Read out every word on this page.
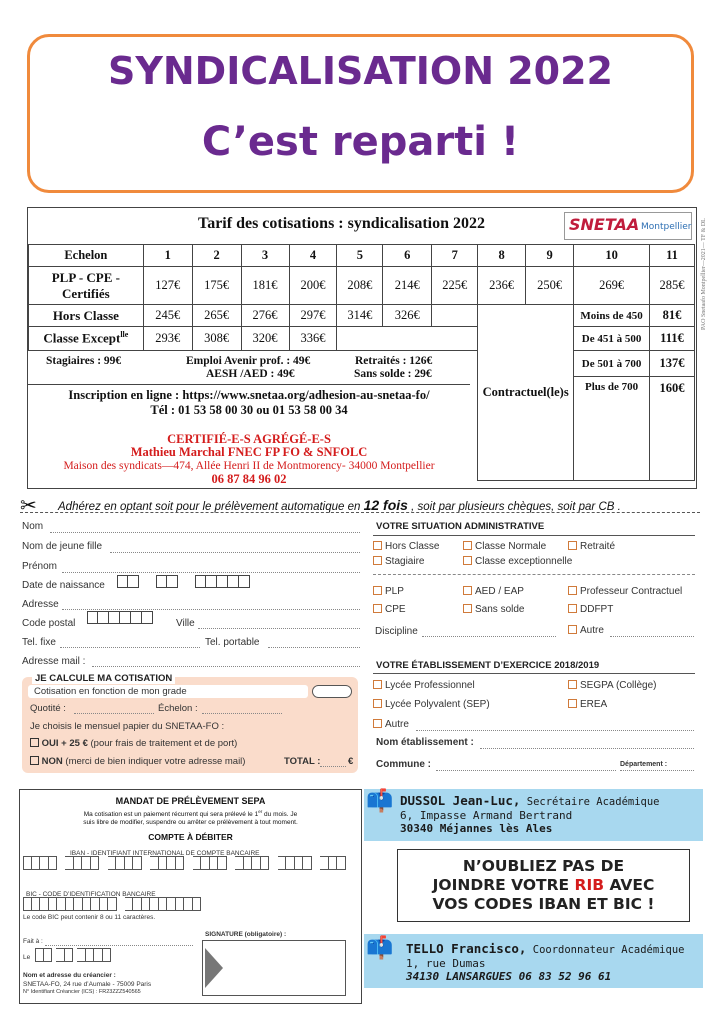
SYNDICALISATION 2022
C’est reparti !
Tarif des cotisations : syndicalisation 2022	SNETAA Montpellier
Echelon	1	2	3	4	5	6	7	8	9	10	11
PLP - CPE - Certifiés	127€	175€	181€	200€	208€	214€	225€	236€	250€	269€	285€
Hors Classe	245€	265€	276€	297€	314€	326€		Contractuel(le)s		Moins de 450	81€
Classe Except$^{lle}$	293€	308€	320€	336€						De 451 à 500	111€
										De 501 à 700	137€
										Plus de 700	160€
Stagiaires : 99€	Emploi Avenir prof. : 49€
AESH /AED : 49€
Retraités : 126€
Sans solde : 29€
Inscription en ligne : https://www.snetaa.org/adhesion-au-snetaa-fo/
Tél : 01 53 58 00 30 ou 01 53 58 00 34
CERTIFIÉ-E-S AGRÉGÉ-E-S
Mathieu Marchal FNEC FP FO & SNFOLC
Maison des syndicats—474, Allée Henri II de Montmorency- 34000 Montpellier
06 87 84 96 02
PAO Snetaafo Montpellier—2021— TF & DL
✂ Adhérez en optant soit pour le prélèvement automatique en 12 fois , soit par plusieurs chèques, soit par CB .
Nom
Nom de jeune fille
Prénom
Date de naissance
Adresse
Code postal	Ville
Tel. fixe	Tel. portable
Adresse mail :
JE CALCULE MA COTISATION
Cotisation en fonction de mon grade
Quotité :	Échelon :
Je choisis le mensuel papier du SNETAA-FO :
OUI + 25 € (pour frais de traitement et de port)
NON (merci de bien indiquer votre adresse mail)	TOTAL :	€
VOTRE SITUATION ADMINISTRATIVE
Hors Classe	Classe Normale	Retraité
Stagiaire	Classe exceptionnelle
PLP	AED / EAP	Professeur Contractuel
CPE	Sans solde	DDFPT
Discipline	Autre
VOTRE ÉTABLISSEMENT D’EXERCICE 2018/2019
Lycée Professionnel	SEGPA (Collège)
Lycée Polyvalent (SEP)	EREA
Autre
Nom établissement :
Commune :	Département :
MANDAT DE PRÉLÈVEMENT SEPA
Ma cotisation est un paiement récurrent qui sera prélevé le 1er du mois. Je
suis libre de modifier, suspendre ou arrêter ce prélèvement à tout moment.
COMPTE À DÉBITER
IBAN - IDENTIFIANT INTERNATIONAL DE COMPTE BANCAIRE

BIC - CODE D’IDENTIFICATION BANCAIRE

Le code BIC peut contenir 8 ou 11 caractères.
Fait à :
Le
Nom et adresse du créancier :
SNETAA-FO, 24 rue d’Aumale - 75009 Paris
N° Identifiant Créancier (ICS) : FR23ZZZ540565
SIGNATURE (obligatoire) :
📫 DUSSOL Jean-Luc, Secrétaire Académique
6, Impasse Armand Bertrand
30340 Méjannes lès Ales
N’OUBLIEZ PAS DE
JOINDRE VOTRE RIB AVEC
VOS CODES IBAN ET BIC !
📫 TELLO Francisco, Coordonnateur Académique
1, rue Dumas
34130 LANSARGUES 06 83 52 96 61
